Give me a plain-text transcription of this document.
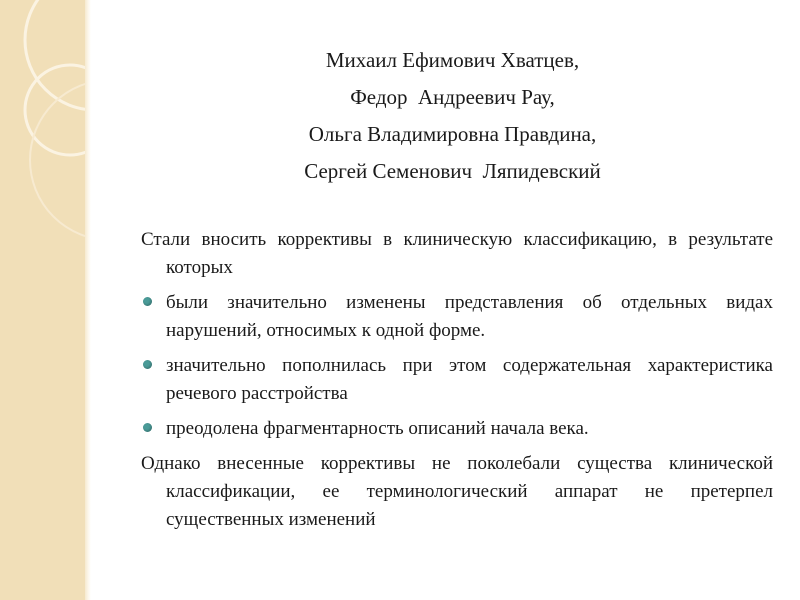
Михаил Ефимович Хватцев,
Федор  Андреевич Рау,
Ольга Владимировна Правдина,
Сергей Семенович  Ляпидевский
Стали вносить коррективы в клиническую классификацию, в результате которых
были значительно изменены представления об отдельных видах нарушений, относимых к одной форме.
значительно пополнилась при этом содержательная характеристика речевого расстройства
преодолена фрагментарность описаний начала века.
Однако внесенные коррективы не поколебали существа клинической классификации, ее терминологический аппарат не претерпел существенных изменений
